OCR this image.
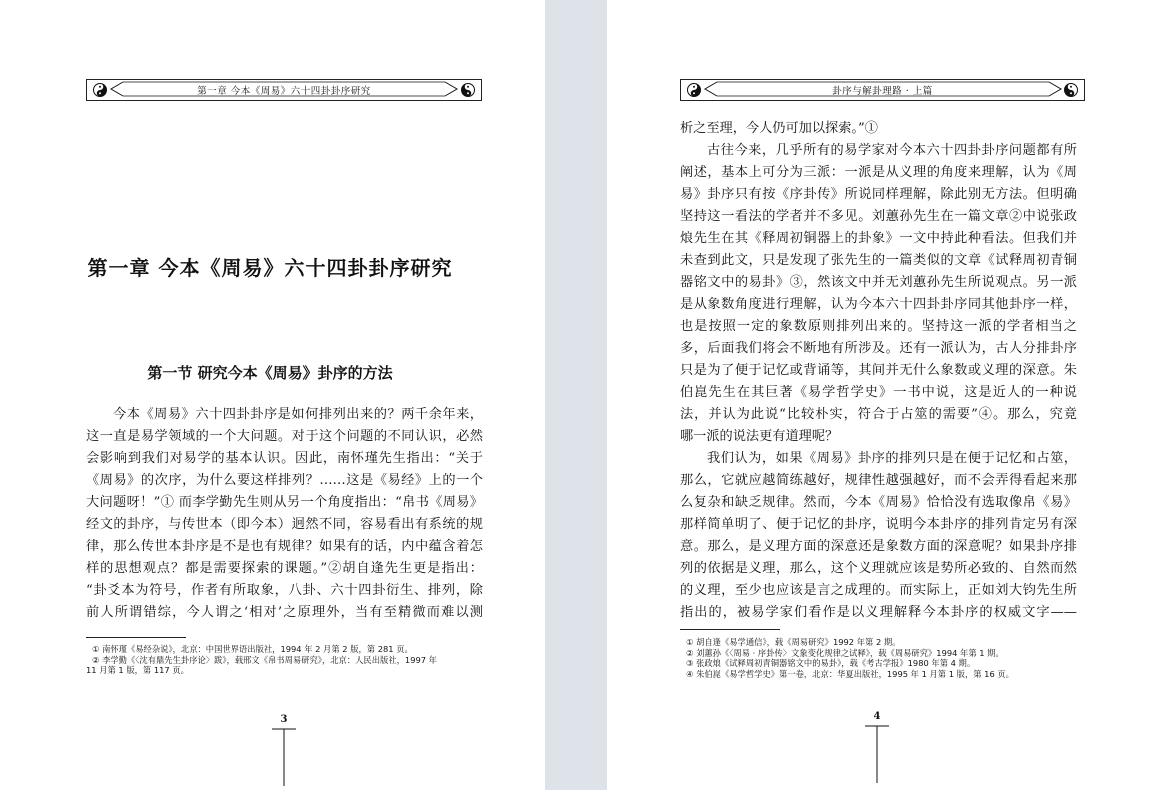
第一章 今本《周易》六十四卦卦序研究
第一章 今本《周易》六十四卦卦序研究
第一节 研究今本《周易》卦序的方法
今本《周易》六十四卦卦序是如何排列出来的？两千余年来，
这一直是易学领域的一个大问题。对于这个问题的不同认识，必然
会影响到我们对易学的基本认识。因此，南怀瑾先生指出：“关于
《周易》的次序，为什么要这样排列？……这是《易经》上的一个
大问题呀！”① 而李学勤先生则从另一个角度指出：“帛书《周易》
经文的卦序，与传世本（即今本）迥然不同，容易看出有系统的规
律，那么传世本卦序是不是也有规律？如果有的话，内中蕴含着怎
样的思想观点？都是需要探索的课题。”②胡自逢先生更是指出：
“卦爻本为符号，作者有所取象，八卦、六十四卦衍生、排列，除
前人所谓错综，今人谓之‘相对’之原理外，当有至精微而难以测
① 南怀瑾《易经杂说》，北京：中国世界语出版社，1994 年 2 月第 2 版，第 281 页。
② 李学勤《〈沈有鼎先生卦序论〉跋》，载邢文《帛书周易研究》，北京：人民出版社，1997 年
11 月第 1 版，第 117 页。
3
卦序与解卦理路 · 上篇
析之至理，今人仍可加以探索。”①
古往今来，几乎所有的易学家对今本六十四卦卦序问题都有所
阐述，基本上可分为三派：一派是从义理的角度来理解，认为《周
易》卦序只有按《序卦传》所说同样理解，除此别无方法。但明确
坚持这一看法的学者并不多见。刘蕙孙先生在一篇文章②中说张政
烺先生在其《释周初铜器上的卦象》一文中持此种看法。但我们并
未查到此文，只是发现了张先生的一篇类似的文章《试释周初青铜
器铭文中的易卦》③，然该文中并无刘蕙孙先生所说观点。另一派
是从象数角度进行理解，认为今本六十四卦卦序同其他卦序一样，
也是按照一定的象数原则排列出来的。坚持这一派的学者相当之
多，后面我们将会不断地有所涉及。还有一派认为，古人分排卦序
只是为了便于记忆或背诵等，其间并无什么象数或义理的深意。朱
伯崑先生在其巨著《易学哲学史》一书中说，这是近人的一种说
法，并认为此说“比较朴实，符合于占筮的需要”④。那么，究竟
哪一派的说法更有道理呢？
我们认为，如果《周易》卦序的排列只是在便于记忆和占筮，
那么，它就应越简练越好，规律性越强越好，而不会弄得看起来那
么复杂和缺乏规律。然而，今本《周易》恰恰没有选取像帛《易》
那样简单明了、便于记忆的卦序，说明今本卦序的排列肯定另有深
意。那么，是义理方面的深意还是象数方面的深意呢？如果卦序排
列的依据是义理，那么，这个义理就应该是势所必致的、自然而然
的义理，至少也应该是言之成理的。而实际上，正如刘大钧先生所
指出的，被易学家们看作是以义理解释今本卦序的权威文字——
① 胡自逢《易学通信》，载《周易研究》1992 年第 2 期。
② 刘蕙孙《〈周易 · 序卦传〉文象变化规律之试释》，载《周易研究》1994 年第 1 期。
③ 张政烺《试释周初青铜器铭文中的易卦》，载《考古学报》1980 年第 4 期。
④ 朱伯崑《易学哲学史》第一卷，北京：华夏出版社，1995 年 1 月第 1 版，第 16 页。
4
